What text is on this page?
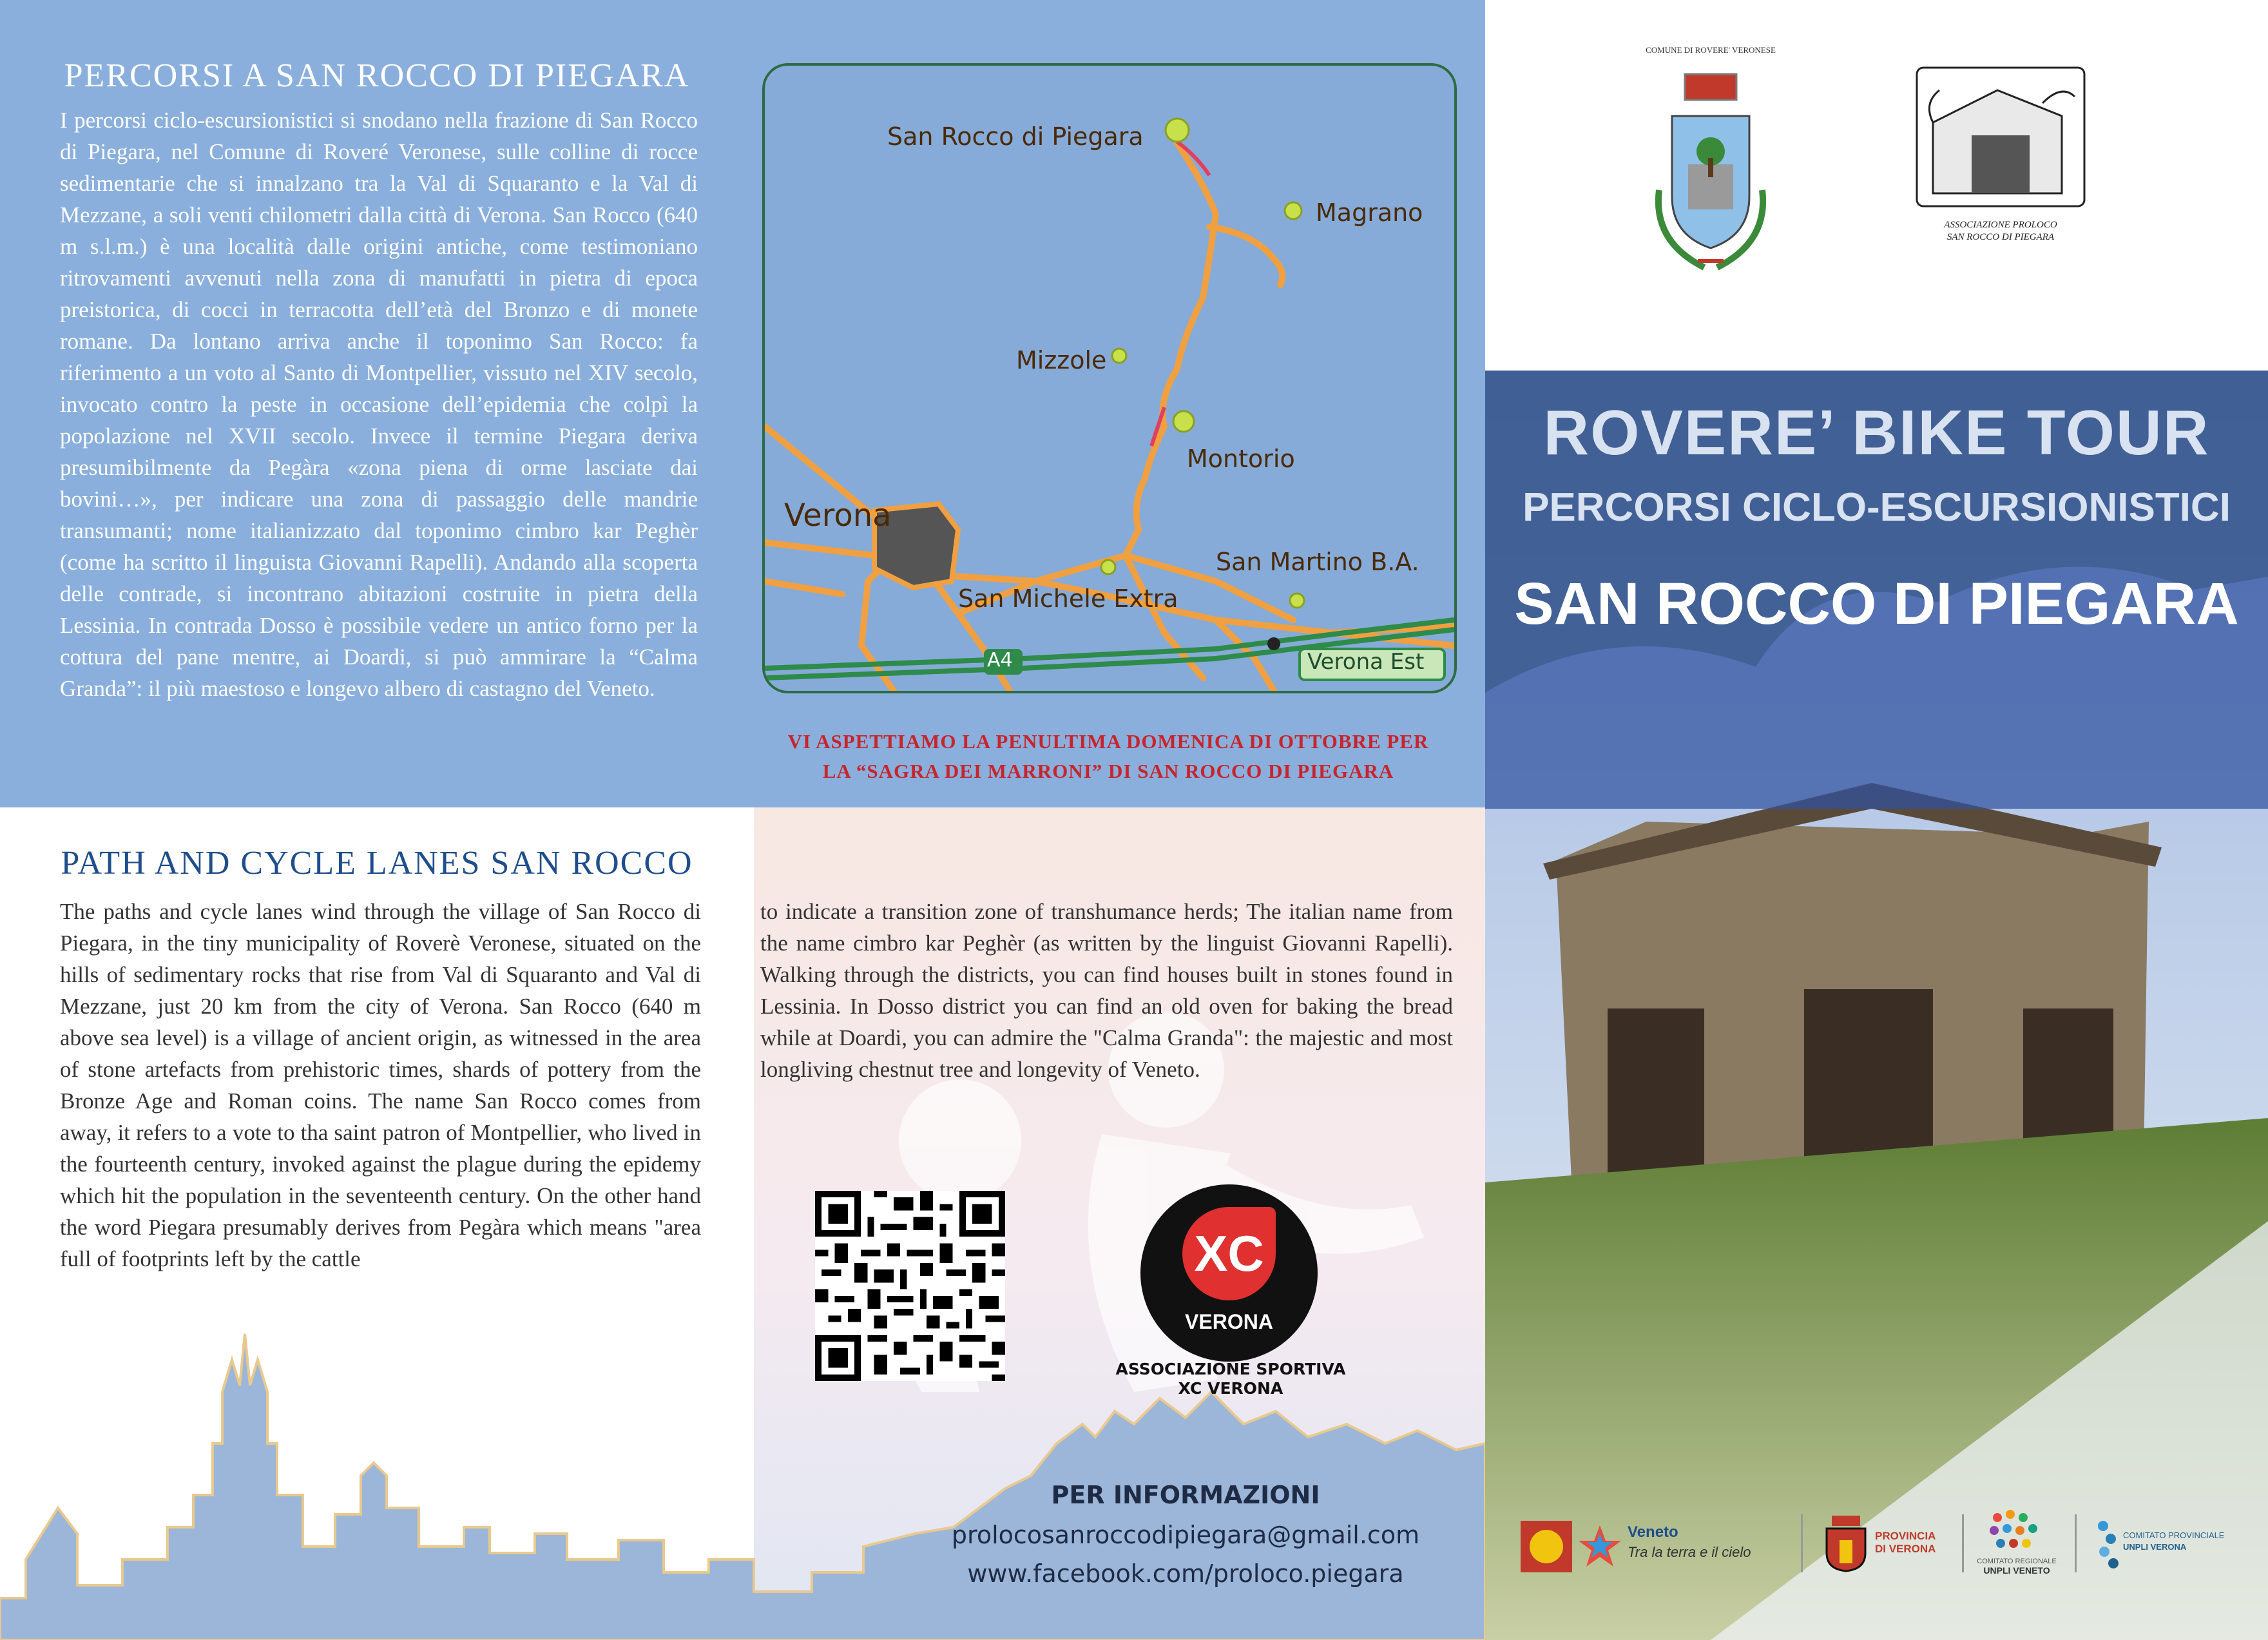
PERCORSI A SAN ROCCO DI PIEGARA
I percorsi ciclo-escursionistici si snodano nella frazione di San Rocco di Piegara, nel Comune di Roveré Veronese, sulle colline di rocce sedimentarie che si innalzano tra la Val di Squaranto e la Val di Mezzane, a soli venti chilometri dalla città di Verona. San Rocco (640 m s.l.m.) è una località dalle origini antiche, come testimoniano ritrovamenti avvenuti nella zona di manufatti in pietra di epoca preistorica, di cocci in terracotta dell’età del Bronzo e di monete romane. Da lontano arriva anche il toponimo San Rocco: fa riferimento a un voto al Santo di Montpellier, vissuto nel XIV secolo, invocato contro la peste in occasione dell’epidemia che colpì la popolazione nel XVII secolo. Invece il termine Piegara deriva presumibilmente da Pegàra «zona piena di orme lasciate dai bovini…», per indicare una zona di passaggio delle mandrie transumanti; nome italianizzato dal toponimo cimbro kar Peghèr (come ha scritto il linguista Giovanni Rapelli). Andando alla scoperta delle contrade, si incontrano abitazioni costruite in pietra della Lessinia. In contrada Dosso è possibile vedere un antico forno per la cottura del pane mentre, ai Doardi, si può ammirare la “Calma Granda”: il più maestoso e longevo albero di castagno del Veneto.
PATH AND CYCLE LANES SAN ROCCO
The paths and cycle lanes wind through the village of San Rocco di Piegara, in the tiny municipality of Roverè Veronese, situated on the hills of sedimentary rocks that rise from Val di Squaranto and Val di Mezzane, just 20 km from the city of Verona. San Rocco (640 m above sea level) is a village of ancient origin, as witnessed in the area of stone artefacts from prehistoric times, shards of pottery from the Bronze Age and Roman coins. The name San Rocco comes from away, it refers to a vote to tha saint patron of Montpellier, who lived in the fourteenth century, invoked against the plague during the epidemy which hit the population in the seventeenth century. On the other hand the word Piegara presumably derives from Pegàra which means "area full of footprints left by the cattle
to indicate a transition zone of transhumance herds; The italian name from the name cimbro kar Peghèr (as written by the linguist Giovanni Rapelli). Walking through the districts, you can find houses built in stones found in Lessinia. In Dosso district you can find an old oven for baking the bread while at Doardi, you can admire the "Calma Granda": the majestic and most longliving chestnut tree and longevity of Veneto.
San Rocco di Piegara
Magrano
Mizzole
Montorio
Verona
San Martino B.A.
San Michele Extra
A4	Verona Est
VI ASPETTIAMO LA PENULTIMA DOMENICA DI OTTOBRE PER
LA “SAGRA DEI MARRONI” DI SAN ROCCO DI PIEGARA
XC
VERONA
ASSOCIAZIONE SPORTIVA
XC VERONA
PER INFORMAZIONI
prolocosanroccodipiegara@gmail.com
www.facebook.com/proloco.piegara
ROVERE’ BIKE TOUR
PERCORSI CICLO-ESCURSIONISTICI
SAN ROCCO DI PIEGARA
COMUNE DI ROVERE' VERONESE
ASSOCIAZIONE PROLOCO
SAN ROCCO DI PIEGARA
Veneto
Tra la terra e il cielo
PROVINCIA
DI VERONA
COMITATO REGIONALE
UNPLI VENETO
COMITATO PROVINCIALE
UNPLI VERONA
